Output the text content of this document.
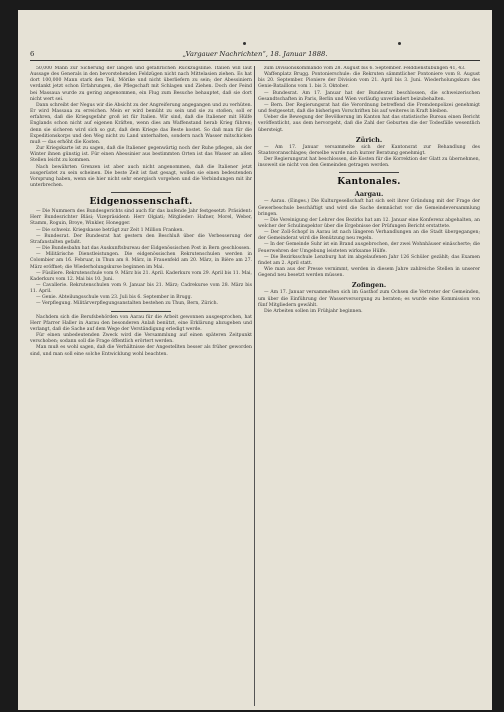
6	„Vargauer Nachrichten“, 18. Januar 1888.

50,000 Mann zur Sicherung der langen und gefährlichen Rückzugslinie. Italien will laut Aussage des Generals in den bevorstehenden Feldzügen nicht nach Mittelasien ziehen. Es hat dort 100,000 Mann stark den Teil, Mörike und nicht überliefern zu sein; der Abessiniern verdankt jetzt schon Erfahrungen, die Pflegschaft mit Schlagen und Ziehen. Doch der Feind bei Massaua wurde zu gering angenommen, ein Flug zum Besuche behauptet, daß sie dort nicht wert sei.

Dann schreibt der Negus wir die Absicht zu der Angreiferung angegangen und zu verhüten. Er wird Massaua zu erreichen. Mein er wird bemüht zu sein und sie zu stoßen, soll er erfahren, daß die Kriegsgefahr groß ist für Italien. Wir sind, daß die Italiener mit Hülfe Englands schon nicht auf eigenen Kräften, wenn dies am Waffenstand herab Krieg führen; denn sie sicheren wird sich so gut, daß dem Kriege das Beste kostet. So daß man für die Expeditionskorps und den Weg nicht zu Land unterhalten, sondern nach Wasser mitschicken muß — das erhöht die Kosten.

Zur Kriegskarte ist zu sagen, daß die Italiener gegenwärtig noch der Ruhe pflegen, als der Winter ihnen günstig ist. Für einen Abessinier aus bestimmten Orten ist das Wasser an allen Stellen leicht zu kommen.

Nach bewährten Grenzen ist aber auch nicht angenommen, daß die Italiener jetzt ausgerüstet zu sein scheinen. Die beste Zeit ist fast gesagt, wollen sie einen bedeutenden Vorsprung haben, wenn sie hier nicht sehr energisch vorgehen und die Verbindungen mit ihr unterbrechen.

Eidgenossenschaft.

— Die Nummern des Bundesgerichts sind auch für das laufende Jahr festgesetzt: Präsident: Herr Bundesrichter Bläsi; Vizepräsident: Herr Olgiati; Mitglieder: Hafner, Morel, Weber, Stamm, Roguin, Broye, Winkler, Honegger.

— Die schweiz. Kriegskasse beträgt zur Zeit 1 Million Franken.

— Bundesrat. Der Bundesrat hat gestern den Beschluß über die Verbesserung der Strafanstalten gefaßt.

— Die Bundesbahn hat das Auskunftsbureau der Eidgenössischen Post in Bern geschlossen.

— Militärische Dienstleistungen. Die eidgenössischen Rekrutenschulen werden in Colombier am 16. Februar, in Thun am 8. März, in Frauenfeld am 20. März, in Bière am 27. März eröffnet; die Wiederholungskurse beginnen im Mai.

— Füsiliere. Rekrutenschule vom 9. März bis 21. April. Kaderkurs vom 29. April bis 11. Mai, Kaderkurs vom 12. Mai bis 10. Juni.

— Cavallerie. Rekrutenschulen vom 9. Januar bis 21. März; Cadrekurse vom 28. März bis 11. April.

— Genie. Abteilungsschule vom 23. Juli bis 6. September in Brugg.

— Verpflegung. Militärverpflegungsanstalten bestehen zu Thun, Bern, Zürich.

Nachdem sich die Berufsbehörden von Aarau für die Arbeit gewonnen ausgesprochen, hat Herr Pfarrer Haller in Aarau den besonderen Anlaß benützt, eine Erklärung abzugeben und verlangt, daß die Sache auf dem Wege der Verständigung erledigt werde.

Für einen unbedeutenden Zweck wird die Versammlung auf einen späteren Zeitpunkt verschoben; sodann soll die Frage öffentlich erörtert werden.

Man muß es wohl sagen, daß die Verhältnisse der Angestellten besser als früher geworden sind, und man soll eine solche Entwicklung wohl beachten.

zum Divisionskommando vom 28. August bis 6. September. Felddienstübungen 41, 43.

Waffenplatz Brugg. Pontonierschule: die Rekruten sämmtlicher Pontoniere vom 8. August bis 20. September. Pioniere der Division vom 21. April bis 3. Juni. Wiederholungskurs des Genie-Bataillons vom 1. bis 3. Oktober.

— Bundesrat. Am 17. Januar hat der Bundesrat beschlossen, die schweizerischen Gesandtschaften in Paris, Berlin und Wien vorläufig unverändert beizubehalten.

— Bern. Der Regierungsrat hat die Verordnung betreffend die Fremdenpolizei genehmigt und festgesetzt, daß die bisherigen Vorschriften bis auf weiteres in Kraft bleiben.

Ueber die Bewegung der Bevölkerung im Kanton hat das statistische Bureau einen Bericht veröffentlicht, aus dem hervorgeht, daß die Zahl der Geburten die der Todesfälle wesentlich übersteigt.

Zürich.

— Am 17. Januar versammelte sich der Kantonsrat zur Behandlung des Staatsvoranschlages; derselbe wurde nach kurzer Beratung genehmigt.

Der Regierungsrat hat beschlossen, die Kosten für die Korrektion der Glatt zu übernehmen, insoweit sie nicht von den Gemeinden getragen werden.

Kantonales.
Aargau.

— Aarau. (Einges.) Die Kulturgesellschaft hat sich seit ihrer Gründung mit der Frage der Gewerbeschule beschäftigt und wird die Sache demnächst vor die Gemeindeversammlung bringen.

— Die Vereinigung der Lehrer des Bezirks hat am 12. Januar eine Konferenz abgehalten, an welcher der Schulinspektor über die Ergebnisse der Prüfungen Bericht erstattete.

— Der Zoll-Schopf in Aarau ist nach längeren Verhandlungen an die Stadt übergegangen; der Gemeinderat wird die Benützung neu regeln.

— In der Gemeinde Suhr ist ein Brand ausgebrochen, der zwei Wohnhäuser einäscherte; die Feuerwehren der Umgebung leisteten wirksame Hülfe.

— Die Bezirksschule Lenzburg hat im abgelaufenen Jahr 126 Schüler gezählt; das Examen findet am 2. April statt.

Wie man aus der Presse vernimmt, werden in diesem Jahre zahlreiche Stellen in unserer Gegend neu besetzt werden müssen.

Zofingen.

— Am 17. Januar versammelten sich im Gasthof zum Ochsen die Vertreter der Gemeinden, um über die Einführung der Wasserversorgung zu beraten; es wurde eine Kommission von fünf Mitgliedern gewählt.

Die Arbeiten sollen im Frühjahr beginnen.
